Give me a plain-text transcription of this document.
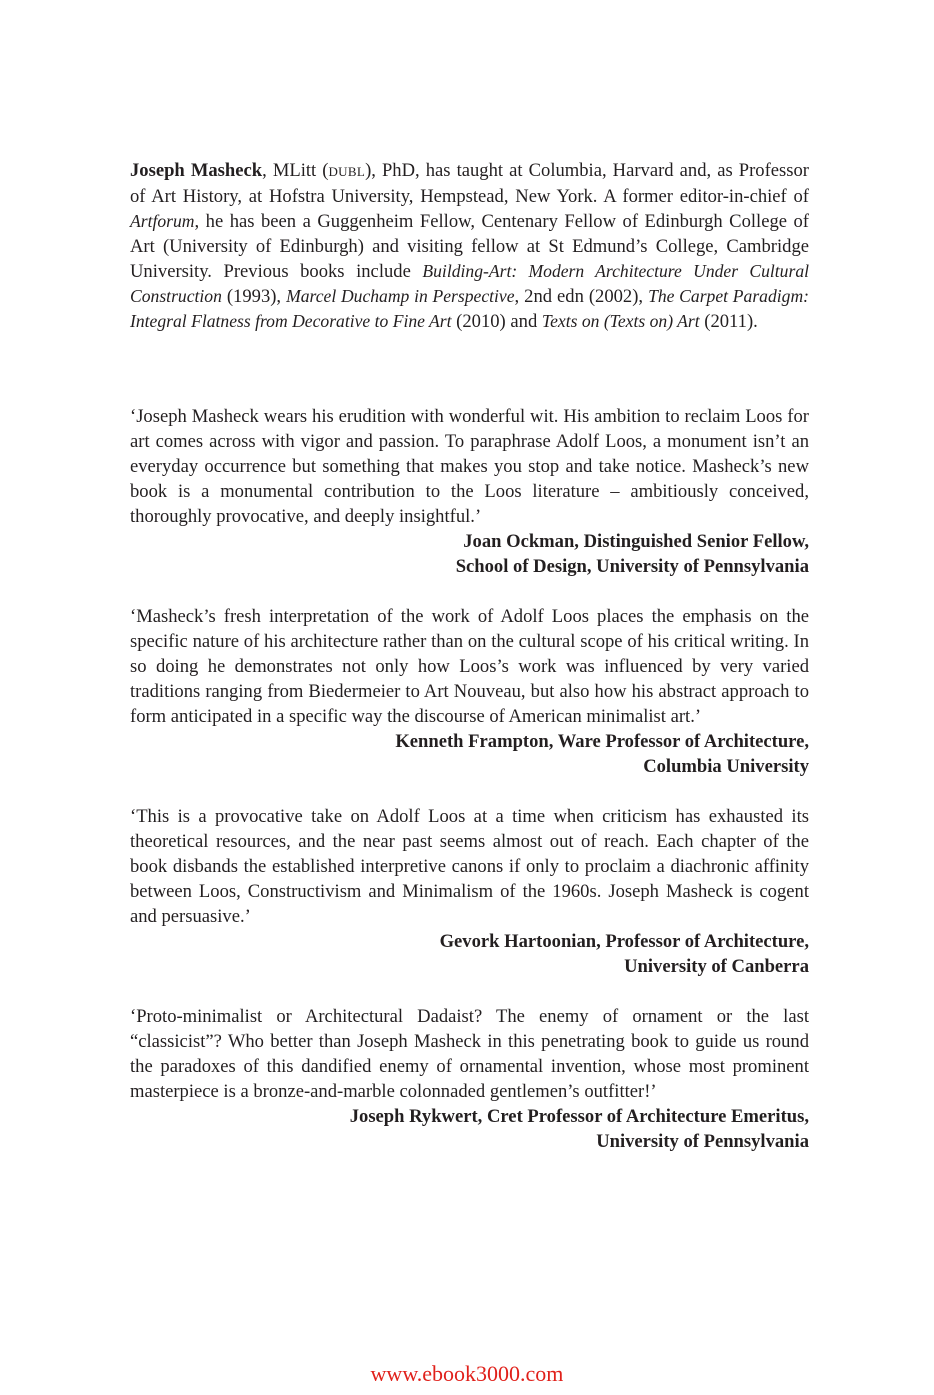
Joseph Masheck, MLitt (DUBL), PhD, has taught at Columbia, Harvard and, as Professor of Art History, at Hofstra University, Hempstead, New York. A former editor-in-chief of Artforum, he has been a Guggenheim Fellow, Centenary Fellow of Edinburgh College of Art (University of Edinburgh) and visiting fellow at St Edmund’s College, Cambridge University. Previous books include Building-Art: Modern Architecture Under Cultural Construction (1993), Marcel Duchamp in Perspective, 2nd edn (2002), The Carpet Paradigm: Integral Flatness from Decorative to Fine Art (2010) and Texts on (Texts on) Art (2011).

‘Joseph Masheck wears his erudition with wonderful wit. His ambition to reclaim Loos for art comes across with vigor and passion. To paraphrase Adolf Loos, a monument isn’t an everyday occurrence but something that makes you stop and take notice. Masheck’s new book is a monumental contribution to the Loos literature – ambitiously conceived, thoroughly provocative, and deeply insightful.’

Joan Ockman, Distinguished Senior Fellow,
School of Design, University of Pennsylvania

‘Masheck’s fresh interpretation of the work of Adolf Loos places the emphasis on the specific nature of his architecture rather than on the cultural scope of his critical writing. In so doing he demonstrates not only how Loos’s work was influenced by very varied traditions ranging from Biedermeier to Art Nouveau, but also how his abstract approach to form anticipated in a specific way the discourse of American minimalist art.’

Kenneth Frampton, Ware Professor of Architecture,
Columbia University

‘This is a provocative take on Adolf Loos at a time when criticism has exhausted its theoretical resources, and the near past seems almost out of reach. Each chapter of the book disbands the established interpretive canons if only to proclaim a diachronic affinity between Loos, Constructivism and Minimalism of the 1960s. Joseph Masheck is cogent and persuasive.’

Gevork Hartoonian, Professor of Architecture,
University of Canberra

‘Proto-minimalist or Architectural Dadaist? The enemy of ornament or the last “classicist”? Who better than Joseph Masheck in this penetrating book to guide us round the paradoxes of this dandified enemy of ornamental invention, whose most prominent masterpiece is a bronze-and-marble colonnaded gentlemen’s outfitter!’

Joseph Rykwert, Cret Professor of Architecture Emeritus,
University of Pennsylvania
www.ebook3000.com
